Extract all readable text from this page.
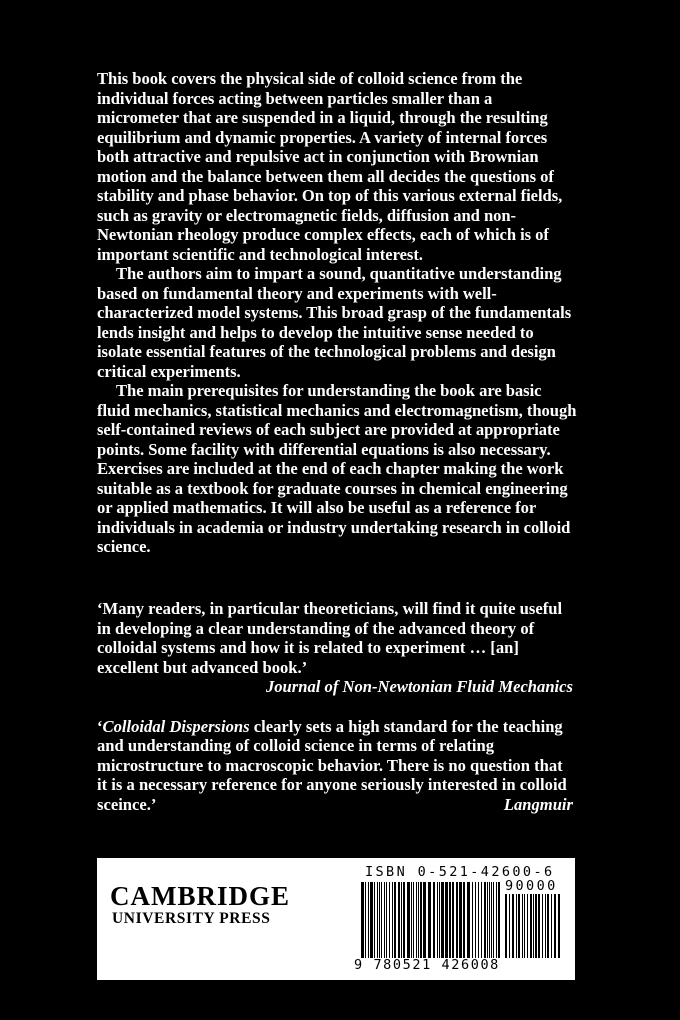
This book covers the physical side of colloid science from the individual forces acting between particles smaller than a micrometer that are suspended in a liquid, through the resulting equilibrium and dynamic properties. A variety of internal forces both attractive and repulsive act in conjunction with Brownian motion and the balance between them all decides the questions of stability and phase behavior. On top of this various external fields, such as gravity or electromagnetic fields, diffusion and non-Newtonian rheology produce complex effects, each of which is of important scientific and technological interest.

The authors aim to impart a sound, quantitative understanding based on fundamental theory and experiments with well-characterized model systems. This broad grasp of the fundamentals lends insight and helps to develop the intuitive sense needed to isolate essential features of the technological problems and design critical experiments.

The main prerequisites for understanding the book are basic fluid mechanics, statistical mechanics and electromagnetism, though self-contained reviews of each subject are provided at appropriate points. Some facility with differential equations is also necessary. Exercises are included at the end of each chapter making the work suitable as a textbook for graduate courses in chemical engineering or applied mathematics. It will also be useful as a reference for individuals in academia or industry undertaking research in colloid science.

‘Many readers, in particular theoreticians, will find it quite useful in developing a clear understanding of the advanced theory of colloidal systems and how it is related to experiment … [an] excellent but advanced book.’
Journal of Non-Newtonian Fluid Mechanics
‘Colloidal Dispersions clearly sets a high standard for the teaching and understanding of colloid science in terms of relating microstructure to macroscopic behavior. There is no question that it is a necessary reference for anyone seriously interested in colloid sceince.’	Langmuir
CAMBRIDGE
UNIVERSITY PRESS
ISBN 0-521-42600-6
90000
9 780521 426008
